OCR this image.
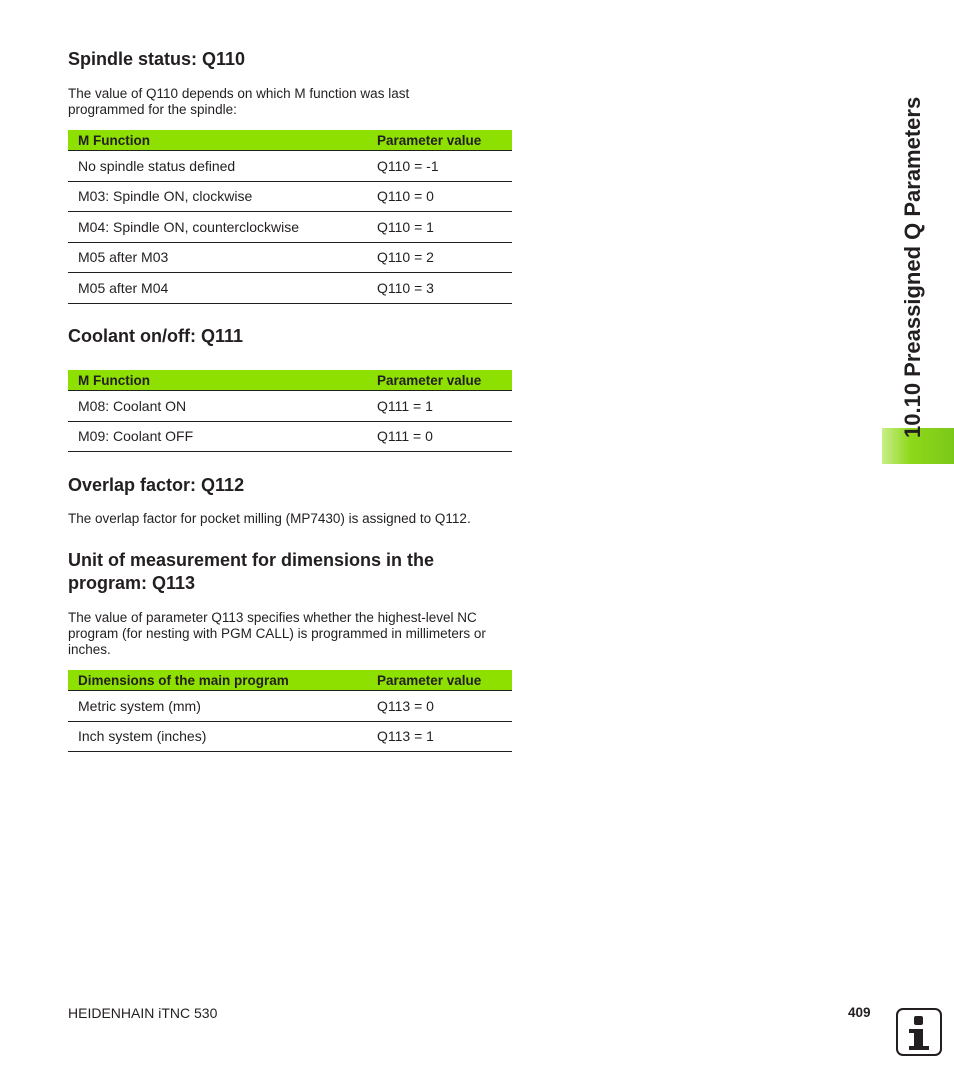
Spindle status: Q110

The value of Q110 depends on which M function was last programmed for the spindle:

M Function	Parameter value
No spindle status defined	Q110 = -1
M03: Spindle ON, clockwise	Q110 = 0
M04: Spindle ON, counterclockwise	Q110 = 1
M05 after M03	Q110 = 2
M05 after M04	Q110 = 3
Coolant on/off: Q111
M Function	Parameter value
M08: Coolant ON	Q111 = 1
M09: Coolant OFF	Q111 = 0
Overlap factor: Q112

The overlap factor for pocket milling (MP7430) is assigned to Q112.

Unit of measurement for dimensions in the
program: Q113

The value of parameter Q113 specifies whether the highest-level NC program (for nesting with PGM CALL) is programmed in millimeters or inches.

Dimensions of the main program	Parameter value
Metric system (mm)	Q113 = 0
Inch system (inches)	Q113 = 1
10.10 Preassigned Q Parameters
HEIDENHAIN iTNC 530	409
